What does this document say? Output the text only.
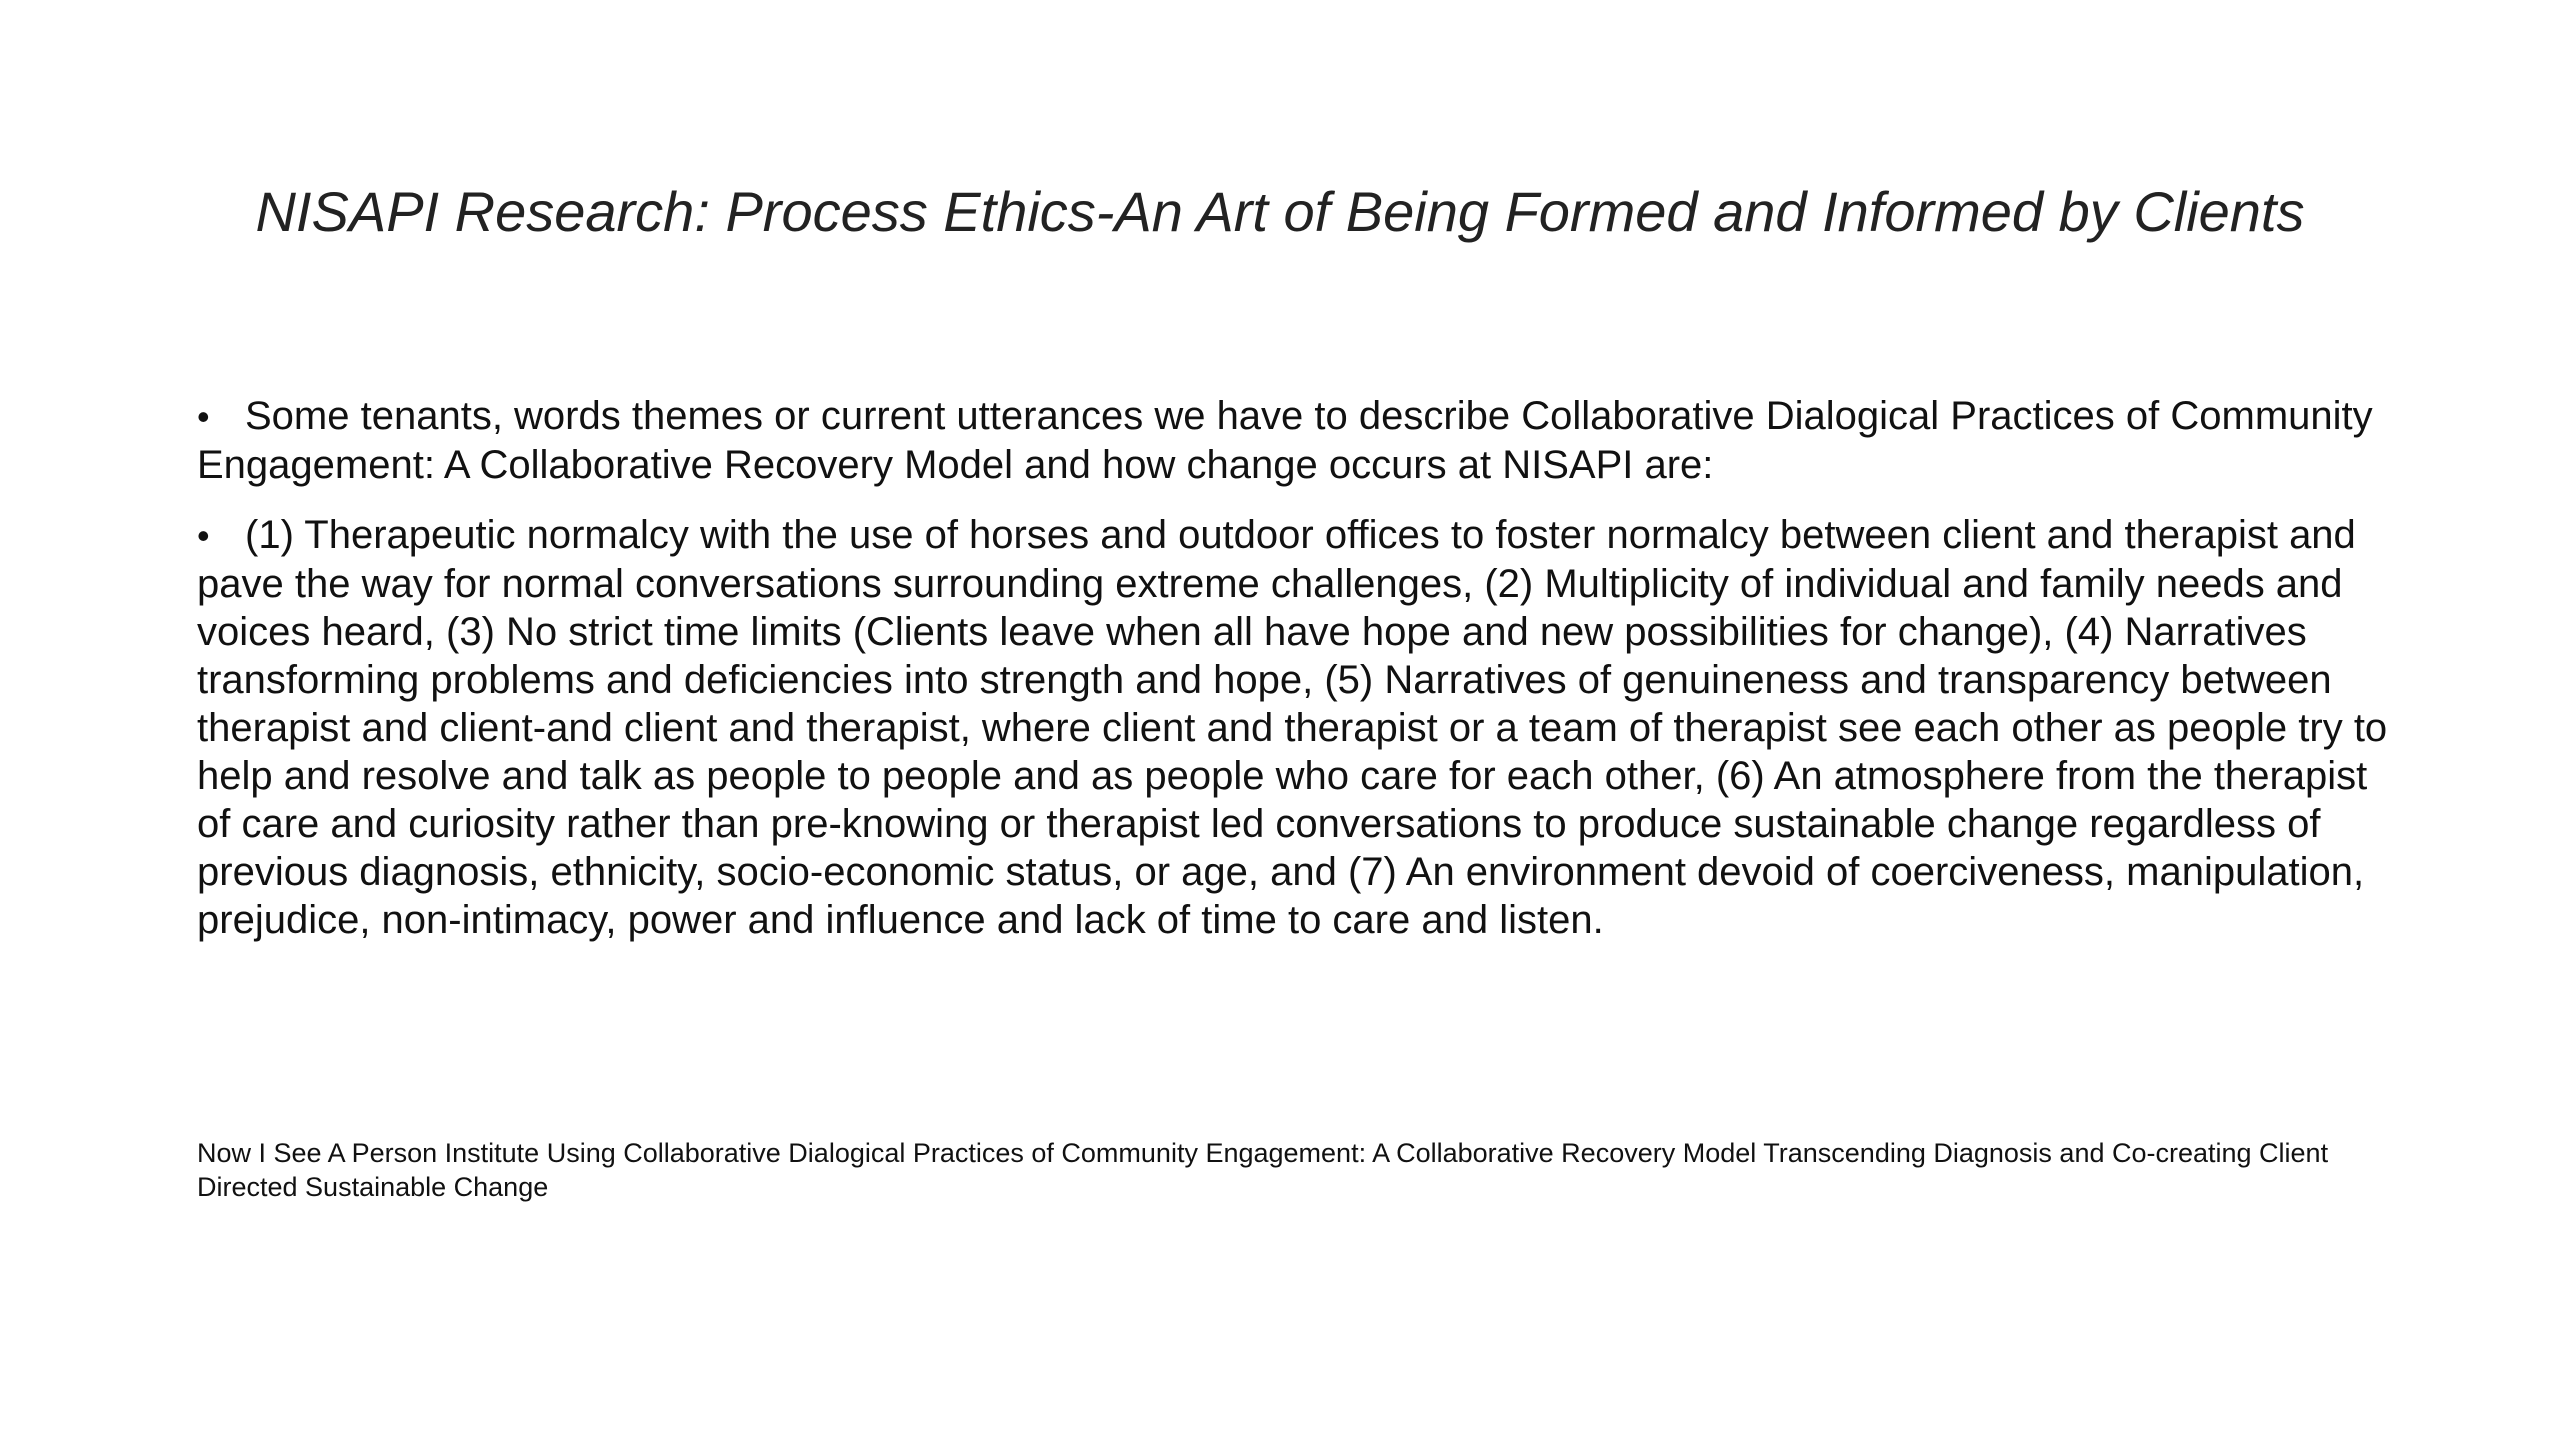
NISAPI Research: Process Ethics-An Art of Being Formed and Informed by Clients
• Some tenants, words themes or current utterances we have to describe Collaborative Dialogical Practices of Community Engagement: A Collaborative Recovery Model and how change occurs at NISAPI are:
• (1) Therapeutic normalcy with the use of horses and outdoor offices to foster normalcy between client and therapist and pave the way for normal conversations surrounding extreme challenges, (2) Multiplicity of individual and family needs and voices heard, (3) No strict time limits (Clients leave when all have hope and new possibilities for change), (4) Narratives transforming problems and deficiencies into strength and hope, (5) Narratives of genuineness and transparency between therapist and client-and client and therapist, where client and therapist or a team of therapist see each other as people try to help and resolve and talk as people to people and as people who care for each other, (6) An atmosphere from the therapist of care and curiosity rather than pre-knowing or therapist led conversations to produce sustainable change regardless of previous diagnosis, ethnicity, socio-economic status, or age, and (7) An environment devoid of coerciveness, manipulation, prejudice, non-intimacy, power and influence and lack of time to care and listen.

Now I See A Person Institute Using Collaborative Dialogical Practices of Community Engagement: A Collaborative Recovery Model Transcending Diagnosis and Co-creating Client Directed Sustainable Change
